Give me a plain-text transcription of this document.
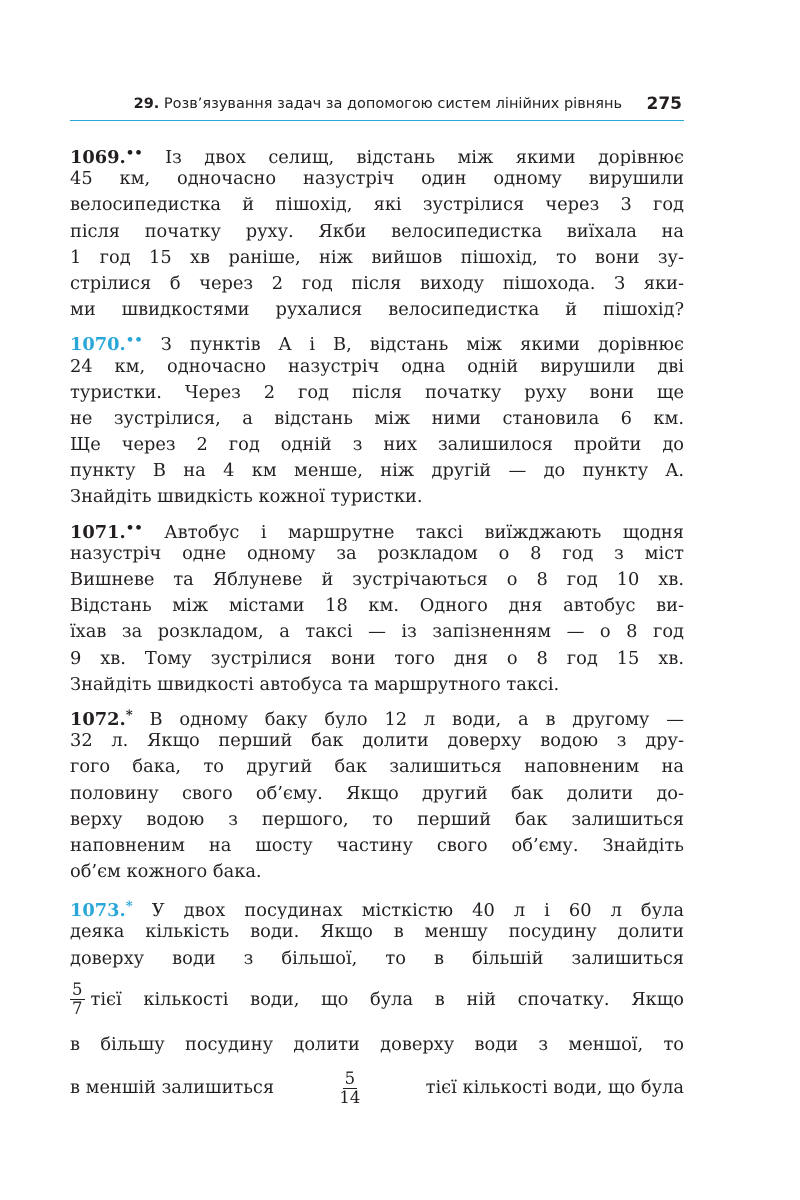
29. Розв’язування задач за допомогою систем лінійних рівнянь 275
1069.•• Із двох селищ, відстань між якими дорівнює
45 км, одночасно назустріч один одному вирушили
велосипедистка й пішохід, які зустрілися через 3 год
після початку руху. Якби велосипедистка виїхала на
1 год 15 хв раніше, ніж вийшов пішохід, то вони зу-
стрілися б через 2 год після виходу пішохода. З яки-
ми швидкостями рухалися велосипедистка й пішохід?
1070.•• З пунктів A і B, відстань між якими дорівнює
24 км, одночасно назустріч одна одній вирушили дві
туристки. Через 2 год після початку руху вони ще
не зустрілися, а відстань між ними становила 6 км.
Ще через 2 год одній з них залишилося пройти до
пункту B на 4 км менше, ніж другій — до пункту A.
Знайдіть швидкість кожної туристки.
1071.•• Автобус і маршрутне таксі виїжджають щодня
назустріч одне одному за розкладом о 8 год з міст
Вишневе та Яблуневе й зустрічаються о 8 год 10 хв.
Відстань між містами 18 км. Одного дня автобус ви-
їхав за розкладом, а таксі — із запізненням — о 8 год
9 хв. Тому зустрілися вони того дня о 8 год 15 хв.
Знайдіть швидкості автобуса та маршрутного таксі.
1072.* В одному баку було 12 л води, а в другому —
32 л. Якщо перший бак долити доверху водою з дру-
гого бака, то другий бак залишиться наповненим на
половину свого об’єму. Якщо другий бак долити до-
верху водою з першого, то перший бак залишиться
наповненим на шосту частину свого об’єму. Знайдіть
об’єм кожного бака.
1073.* У двох посудинах місткістю 40 л і 60 л була
деяка кількість води. Якщо в меншу посудину долити
доверху води з більшої, то в більшій залишиться
$\frac{5}{7}$ тієї кількості води, що була в ній спочатку. Якщо
в більшу посудину долити доверху води з меншої, то
в меншій залишиться	$\frac{5}{14}$	тієї кількості води, що була
